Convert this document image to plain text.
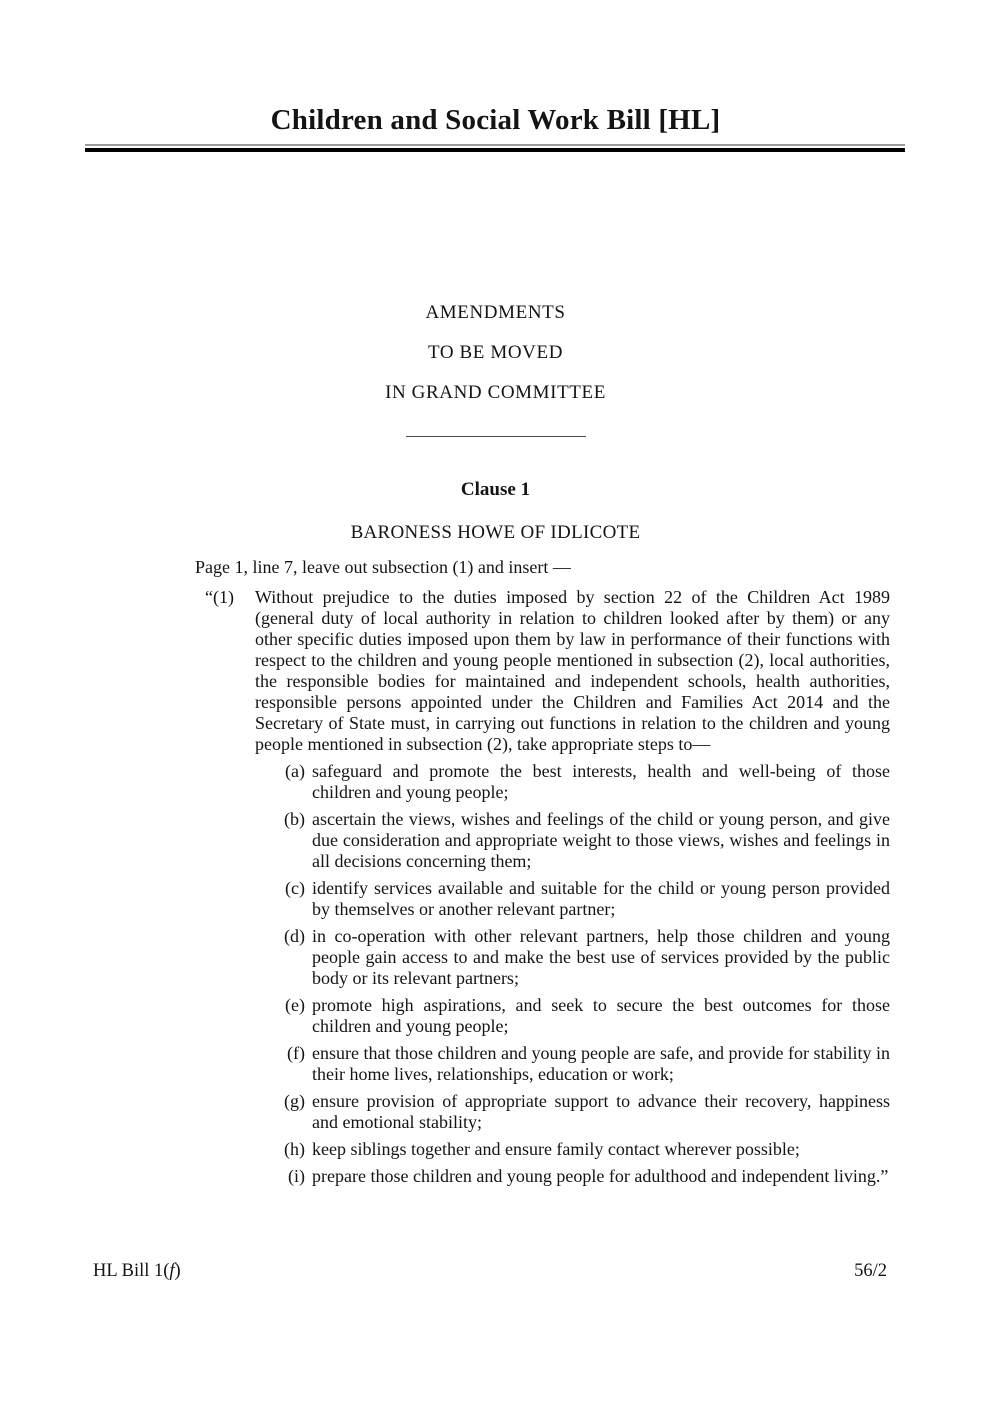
Children and Social Work Bill [HL]
AMENDMENTS
TO BE MOVED
IN GRAND COMMITTEE
Clause 1
BARONESS HOWE OF IDLICOTE

Page 1, line 7, leave out subsection (1) and insert —

“(1)	Without prejudice to the duties imposed by section 22 of the Children Act 1989 (general duty of local authority in relation to children looked after by them) or any other specific duties imposed upon them by law in performance of their functions with respect to the children and young people mentioned in subsection (2), local authorities, the responsible bodies for maintained and independent schools, health authorities, responsible persons appointed under the Children and Families Act 2014 and the Secretary of State must, in carrying out functions in relation to the children and young people mentioned in subsection (2), take appropriate steps to—
(a) safeguard and promote the best interests, health and well-being of those children and young people;
(b) ascertain the views, wishes and feelings of the child or young person, and give due consideration and appropriate weight to those views, wishes and feelings in all decisions concerning them;
(c) identify services available and suitable for the child or young person provided by themselves or another relevant partner;
(d) in co-operation with other relevant partners, help those children and young people gain access to and make the best use of services provided by the public body or its relevant partners;
(e) promote high aspirations, and seek to secure the best outcomes for those children and young people;
(f) ensure that those children and young people are safe, and provide for stability in their home lives, relationships, education or work;
(g) ensure provision of appropriate support to advance their recovery, happiness and emotional stability;
(h) keep siblings together and ensure family contact wherever possible;
(i) prepare those children and young people for adulthood and independent living.”
HL Bill 1(f)	56/2
